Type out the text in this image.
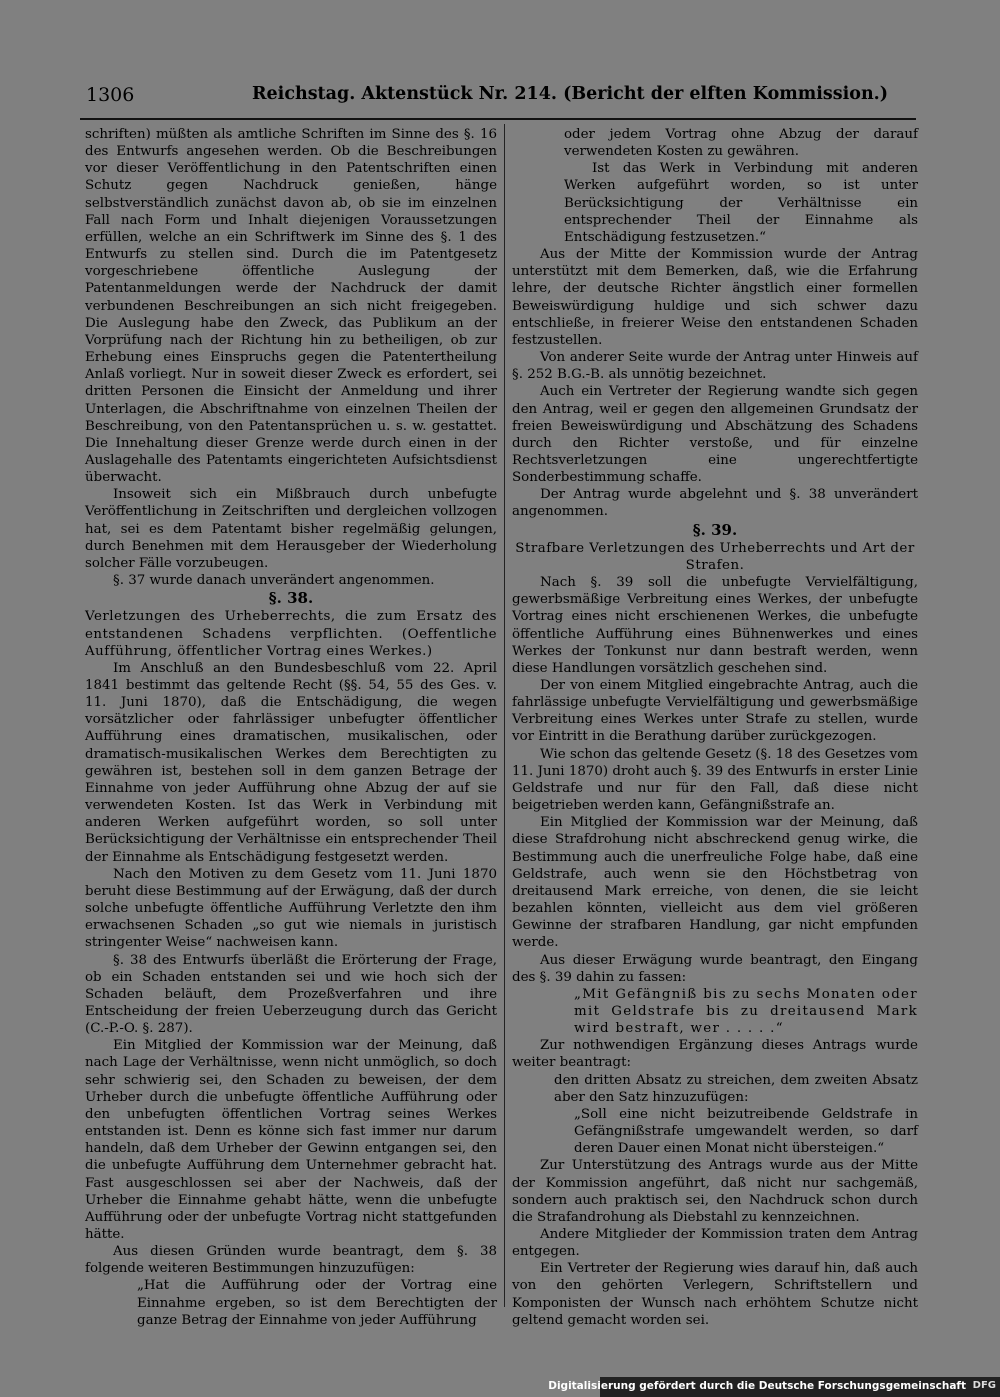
1306	Reichstag. Aktenstück Nr. 214. (Bericht der elften Kommission.)

schriften) müßten als amtliche Schriften im Sinne des §. 16 des Entwurfs angesehen werden. Ob die Beschreibungen vor dieser Veröffentlichung in den Patentschriften einen Schutz gegen Nachdruck genießen, hänge selbstverständlich zunächst davon ab, ob sie im einzelnen Fall nach Form und Inhalt diejenigen Voraussetzungen erfüllen, welche an ein Schriftwerk im Sinne des §. 1 des Entwurfs zu stellen sind. Durch die im Patentgesetz vorgeschriebene öffentliche Auslegung der Patentanmeldungen werde der Nachdruck der damit verbundenen Beschreibungen an sich nicht freigegeben. Die Auslegung habe den Zweck, das Publikum an der Vorprüfung nach der Richtung hin zu betheiligen, ob zur Erhebung eines Einspruchs gegen die Patentertheilung Anlaß vorliegt. Nur in soweit dieser Zweck es erfordert, sei dritten Personen die Einsicht der Anmeldung und ihrer Unterlagen, die Abschriftnahme von einzelnen Theilen der Beschreibung, von den Patentansprüchen u. s. w. gestattet. Die Innehaltung dieser Grenze werde durch einen in der Auslagehalle des Patentamts eingerichteten Aufsichtsdienst überwacht.

Insoweit sich ein Mißbrauch durch unbefugte Veröffentlichung in Zeitschriften und dergleichen vollzogen hat, sei es dem Patentamt bisher regelmäßig gelungen, durch Benehmen mit dem Herausgeber der Wiederholung solcher Fälle vorzubeugen.

§. 37 wurde danach unverändert angenommen.

§. 38.

Verletzungen des Urheberrechts, die zum Ersatz des entstandenen Schadens verpflichten. (Oeffentliche Aufführung, öffentlicher Vortrag eines Werkes.)

Im Anschluß an den Bundesbeschluß vom 22. April 1841 bestimmt das geltende Recht (§§. 54, 55 des Ges. v. 11. Juni 1870), daß die Entschädigung, die wegen vorsätzlicher oder fahrlässiger unbefugter öffentlicher Aufführung eines dramatischen, musikalischen, oder dramatisch-musikalischen Werkes dem Berechtigten zu gewähren ist, bestehen soll in dem ganzen Betrage der Einnahme von jeder Aufführung ohne Abzug der auf sie verwendeten Kosten. Ist das Werk in Verbindung mit anderen Werken aufgeführt worden, so soll unter Berücksichtigung der Verhältnisse ein entsprechender Theil der Einnahme als Entschädigung festgesetzt werden.

Nach den Motiven zu dem Gesetz vom 11. Juni 1870 beruht diese Bestimmung auf der Erwägung, daß der durch solche unbefugte öffentliche Aufführung Verletzte den ihm erwachsenen Schaden „so gut wie niemals in juristisch stringenter Weise“ nachweisen kann.

§. 38 des Entwurfs überläßt die Erörterung der Frage, ob ein Schaden entstanden sei und wie hoch sich der Schaden beläuft, dem Prozeßverfahren und ihre Entscheidung der freien Ueberzeugung durch das Gericht (C.-P.-O. §. 287).

Ein Mitglied der Kommission war der Meinung, daß nach Lage der Verhältnisse, wenn nicht unmöglich, so doch sehr schwierig sei, den Schaden zu beweisen, der dem Urheber durch die unbefugte öffentliche Aufführung oder den unbefugten öffentlichen Vortrag seines Werkes entstanden ist. Denn es könne sich fast immer nur darum handeln, daß dem Urheber der Gewinn entgangen sei, den die unbefugte Aufführung dem Unternehmer gebracht hat. Fast ausgeschlossen sei aber der Nachweis, daß der Urheber die Einnahme gehabt hätte, wenn die unbefugte Aufführung oder der unbefugte Vortrag nicht stattgefunden hätte.

Aus diesen Gründen wurde beantragt, dem §. 38 folgende weiteren Bestimmungen hinzuzufügen:

„Hat die Aufführung oder der Vortrag eine Einnahme ergeben, so ist dem Berechtigten der ganze Betrag der Einnahme von jeder Aufführung

oder jedem Vortrag ohne Abzug der darauf verwendeten Kosten zu gewähren.

Ist das Werk in Verbindung mit anderen Werken aufgeführt worden, so ist unter Berücksichtigung der Verhältnisse ein entsprechender Theil der Einnahme als Entschädigung festzusetzen.“

Aus der Mitte der Kommission wurde der Antrag unterstützt mit dem Bemerken, daß, wie die Erfahrung lehre, der deutsche Richter ängstlich einer formellen Beweiswürdigung huldige und sich schwer dazu entschließe, in freierer Weise den entstandenen Schaden festzustellen.

Von anderer Seite wurde der Antrag unter Hinweis auf §. 252 B.G.-B. als unnötig bezeichnet.

Auch ein Vertreter der Regierung wandte sich gegen den Antrag, weil er gegen den allgemeinen Grundsatz der freien Beweiswürdigung und Abschätzung des Schadens durch den Richter verstoße, und für einzelne Rechtsverletzungen eine ungerechtfertigte Sonderbestimmung schaffe.

Der Antrag wurde abgelehnt und §. 38 unverändert angenommen.

§. 39.

Strafbare Verletzungen des Urheberrechts und Art der Strafen.

Nach §. 39 soll die unbefugte Vervielfältigung, gewerbsmäßige Verbreitung eines Werkes, der unbefugte Vortrag eines nicht erschienenen Werkes, die unbefugte öffentliche Aufführung eines Bühnenwerkes und eines Werkes der Tonkunst nur dann bestraft werden, wenn diese Handlungen vorsätzlich geschehen sind.

Der von einem Mitglied eingebrachte Antrag, auch die fahrlässige unbefugte Vervielfältigung und gewerbsmäßige Verbreitung eines Werkes unter Strafe zu stellen, wurde vor Eintritt in die Berathung darüber zurückgezogen.

Wie schon das geltende Gesetz (§. 18 des Gesetzes vom 11. Juni 1870) droht auch §. 39 des Entwurfs in erster Linie Geldstrafe und nur für den Fall, daß diese nicht beigetrieben werden kann, Gefängnißstrafe an.

Ein Mitglied der Kommission war der Meinung, daß diese Strafdrohung nicht abschreckend genug wirke, die Bestimmung auch die unerfreuliche Folge habe, daß eine Geldstrafe, auch wenn sie den Höchstbetrag von dreitausend Mark erreiche, von denen, die sie leicht bezahlen könnten, vielleicht aus dem viel größeren Gewinne der strafbaren Handlung, gar nicht empfunden werde.

Aus dieser Erwägung wurde beantragt, den Eingang des §. 39 dahin zu fassen:

„Mit Gefängniß bis zu sechs Monaten oder mit Geldstrafe bis zu dreitausend Mark wird bestraft, wer . . . . .“

Zur nothwendigen Ergänzung dieses Antrags wurde weiter beantragt:

den dritten Absatz zu streichen, dem zweiten Absatz aber den Satz hinzuzufügen:

„Soll eine nicht beizutreibende Geldstrafe in Gefängnißstrafe umgewandelt werden, so darf deren Dauer einen Monat nicht übersteigen.“

Zur Unterstützung des Antrags wurde aus der Mitte der Kommission angeführt, daß nicht nur sachgemäß, sondern auch praktisch sei, den Nachdruck schon durch die Strafandrohung als Diebstahl zu kennzeichnen.

Andere Mitglieder der Kommission traten dem Antrag entgegen.

Ein Vertreter der Regierung wies darauf hin, daß auch von den gehörten Verlegern, Schriftstellern und Komponisten der Wunsch nach erhöhtem Schutze nicht geltend gemacht worden sei.

Digitalisierung gefördert durch die Deutsche Forschungsgemeinschaft DFG
